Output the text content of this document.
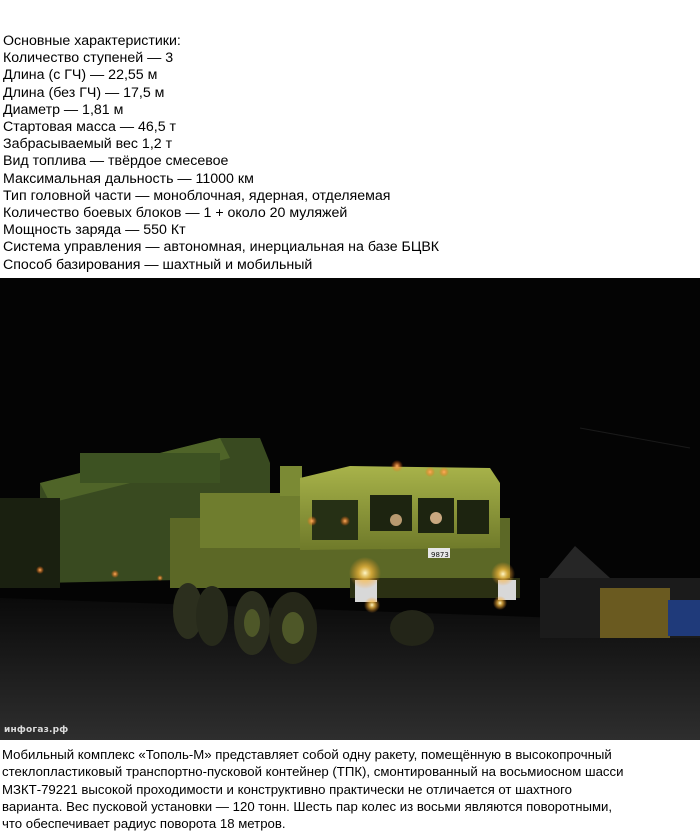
Основные характеристики:
Количество ступеней — 3
Длина (с ГЧ) — 22,55 м
Длина (без ГЧ) — 17,5 м
Диаметр — 1,81 м
Стартовая масса — 46,5 т
Забрасываемый вес 1,2 т
Вид топлива — твёрдое смесевое
Максимальная дальность — 11000 км
Тип головной части — моноблочная, ядерная, отделяемая
Количество боевых блоков — 1 + около 20 муляжей
Мощность заряда — 550 Кт
Система управления — автономная, инерциальная на базе БЦВК
Способ базирования — шахтный и мобильный
9873
инфогаз.рф
Мобильный комплекс «Тополь-М» представляет собой одну ракету, помещённую в высокопрочный
стеклопластиковый транспортно-пусковой контейнер (ТПК), смонтированный на восьмиосном шасси
МЗКТ-79221 высокой проходимости и конструктивно практически не отличается от шахтного
варианта. Вес пусковой установки — 120 тонн. Шесть пар колес из восьми являются поворотными,
что обеспечивает радиус поворота 18 метров.
